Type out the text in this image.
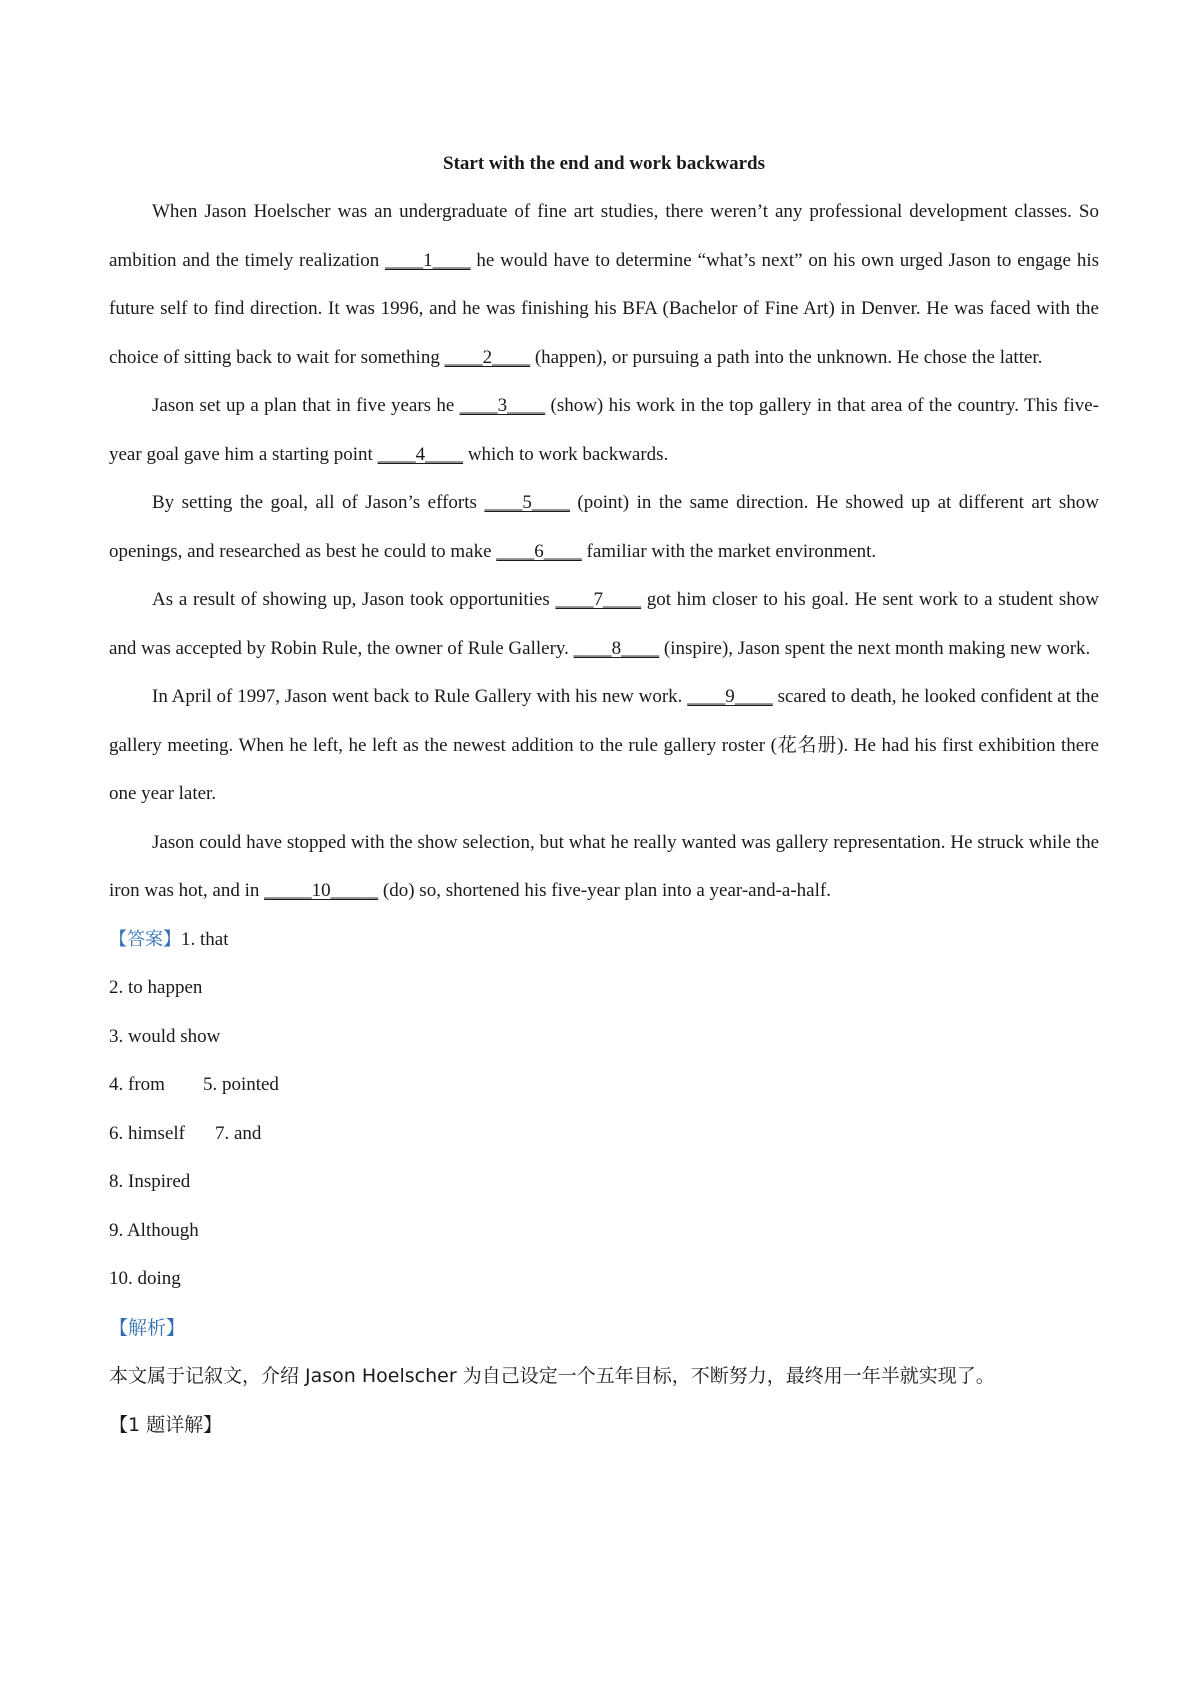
Start with the end and work backwards

When Jason Hoelscher was an undergraduate of fine art studies, there weren’t any professional development classes. So ambition and the timely realization ____1____ he would have to determine “what’s next” on his own urged Jason to engage his future self to find direction. It was 1996, and he was finishing his BFA (Bachelor of Fine Art) in Denver. He was faced with the choice of sitting back to wait for something ____2____ (happen), or pursuing a path into the unknown. He chose the latter.

Jason set up a plan that in five years he ____3____ (show) his work in the top gallery in that area of the country. This five-year goal gave him a starting point ____4____ which to work backwards.

By setting the goal, all of Jason’s efforts ____5____ (point) in the same direction. He showed up at different art show openings, and researched as best he could to make ____6____ familiar with the market environment.

As a result of showing up, Jason took opportunities ____7____ got him closer to his goal. He sent work to a student show and was accepted by Robin Rule, the owner of Rule Gallery. ____8____ (inspire), Jason spent the next month making new work.

In April of 1997, Jason went back to Rule Gallery with his new work. ____9____ scared to death, he looked confident at the gallery meeting. When he left, he left as the newest addition to the rule gallery roster (花名册). He had his first exhibition there one year later.

Jason could have stopped with the show selection, but what he really wanted was gallery representation. He struck while the iron was hot, and in _____10_____ (do) so, shortened his five-year plan into a year-and-a-half.

【答案】1. that

2. to happen

3. would show

4. from 5. pointed

6. himself 7. and

8. Inspired

9. Although

10. doing

【解析】

本文属于记叙文，介绍 Jason Hoelscher 为自己设定一个五年目标，不断努力，最终用一年半就实现了。

【1 题详解】
